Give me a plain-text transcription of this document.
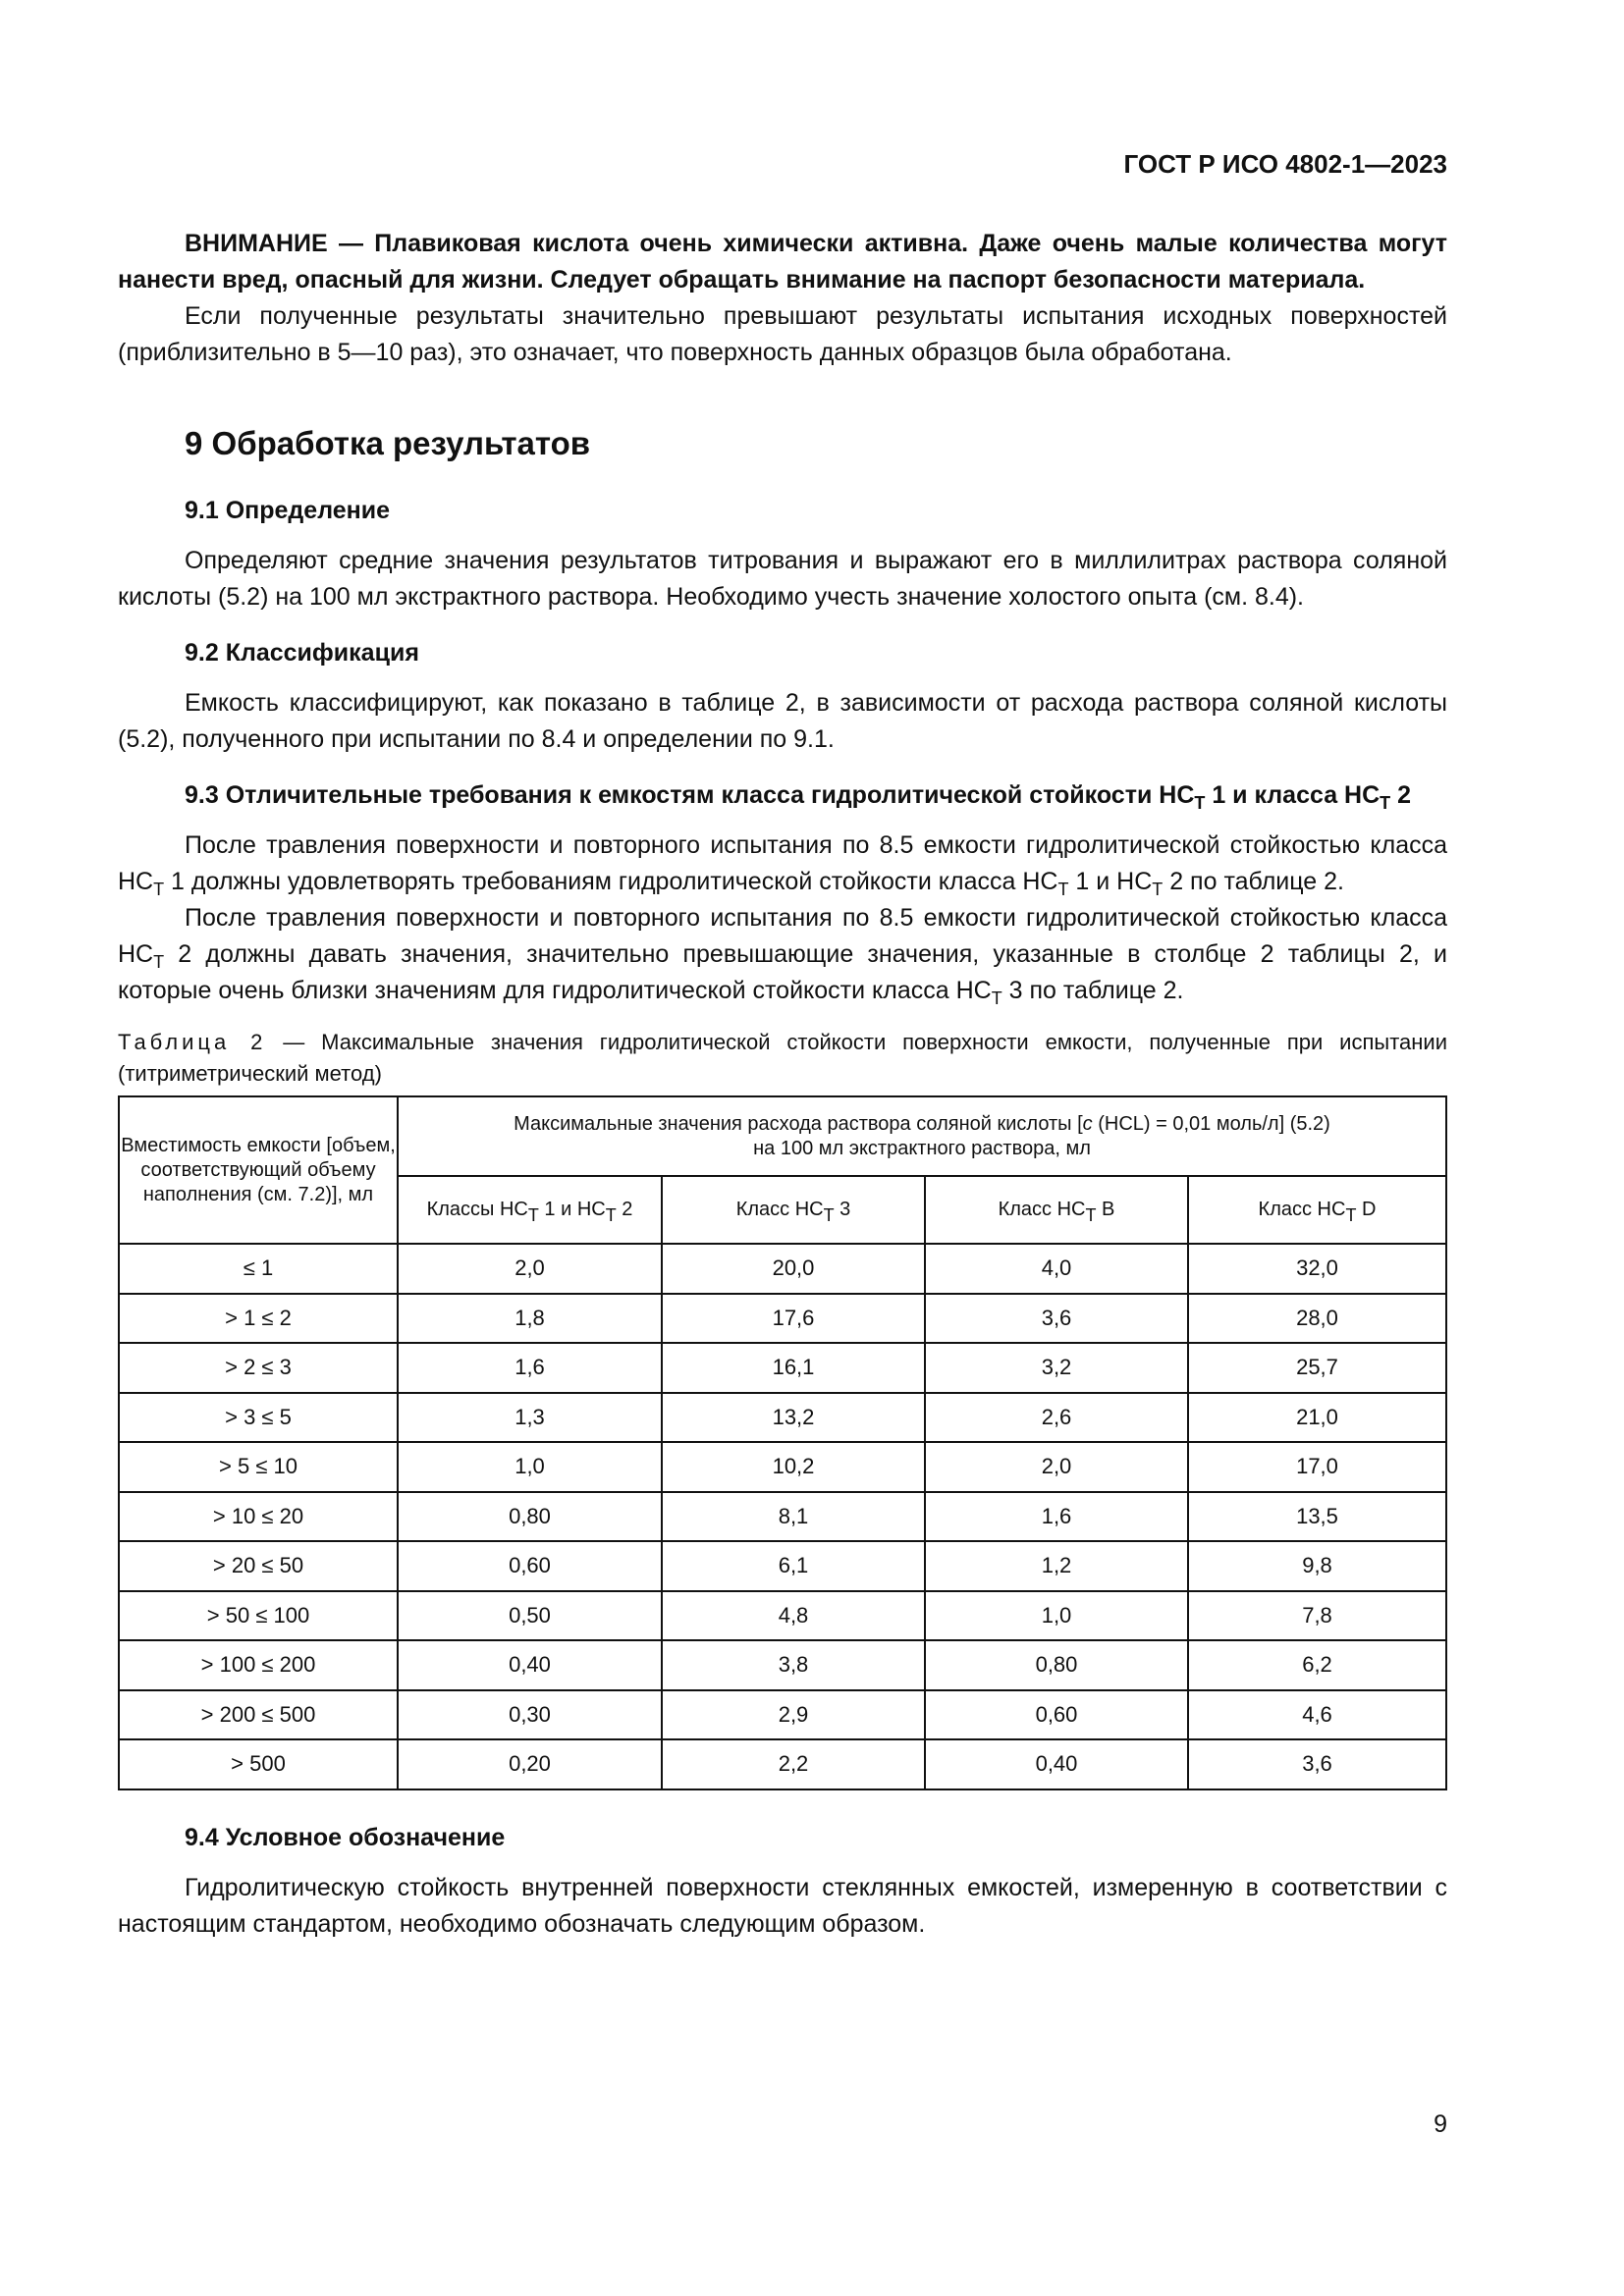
ГОСТ Р ИСО 4802-1—2023

ВНИМАНИЕ — Плавиковая кислота очень химически активна. Даже очень малые количества могут нанести вред, опасный для жизни. Следует обращать внимание на паспорт безопасности материала.

Если полученные результаты значительно превышают результаты испытания исходных поверхностей (приблизительно в 5—10 раз), это означает, что поверхность данных образцов была обработана.

9 Обработка результатов
9.1 Определение

Определяют средние значения результатов титрования и выражают его в миллилитрах раствора соляной кислоты (5.2) на 100 мл экстрактного раствора. Необходимо учесть значение холостого опыта (см. 8.4).

9.2 Классификация

Емкость классифицируют, как показано в таблице 2, в зависимости от расхода раствора соляной кислоты (5.2), полученного при испытании по 8.4 и определении по 9.1.

9.3 Отличительные требования к емкостям класса гидролитической стойкости $HC_T$ 1 и класса $HC_T$ 2

После травления поверхности и повторного испытания по 8.5 емкости гидролитической стойкостью класса $HC_T$ 1 должны удовлетворять требованиям гидролитической стойкости класса $HC_T$ 1 и $HC_T$ 2 по таблице 2.

После травления поверхности и повторного испытания по 8.5 емкости гидролитической стойкостью класса $HC_T$ 2 должны давать значения, значительно превышающие значения, указанные в столбце 2 таблицы 2, и которые очень близки значениям для гидролитической стойкости класса $HC_T$ 3 по таблице 2.

Таблица 2 — Максимальные значения гидролитической стойкости поверхности емкости, полученные при испытании (титриметрический метод)

Вместимость емкости [объем, соответствующий объему наполнения (см. 7.2)], мл	Максимальные значения расхода раствора соляной кислоты [c (HCL) = 0,01 моль/л] (5.2)
на 100 мл экстрактного раствора, мл			
	Классы $HC_T$ 1 и $HC_T$ 2	Класс $HC_T$ 3	Класс $HC_T$ B	Класс $HC_T$ D
≤ 1	2,0	20,0	4,0	32,0
> 1 ≤ 2	1,8	17,6	3,6	28,0
> 2 ≤ 3	1,6	16,1	3,2	25,7
> 3 ≤ 5	1,3	13,2	2,6	21,0
> 5 ≤ 10	1,0	10,2	2,0	17,0
> 10 ≤ 20	0,80	8,1	1,6	13,5
> 20 ≤ 50	0,60	6,1	1,2	9,8
> 50 ≤ 100	0,50	4,8	1,0	7,8
> 100 ≤ 200	0,40	3,8	0,80	6,2
> 200 ≤ 500	0,30	2,9	0,60	4,6
> 500	0,20	2,2	0,40	3,6
9.4 Условное обозначение

Гидролитическую стойкость внутренней поверхности стеклянных емкостей, измеренную в соответствии с настоящим стандартом, необходимо обозначать следующим образом.

9
